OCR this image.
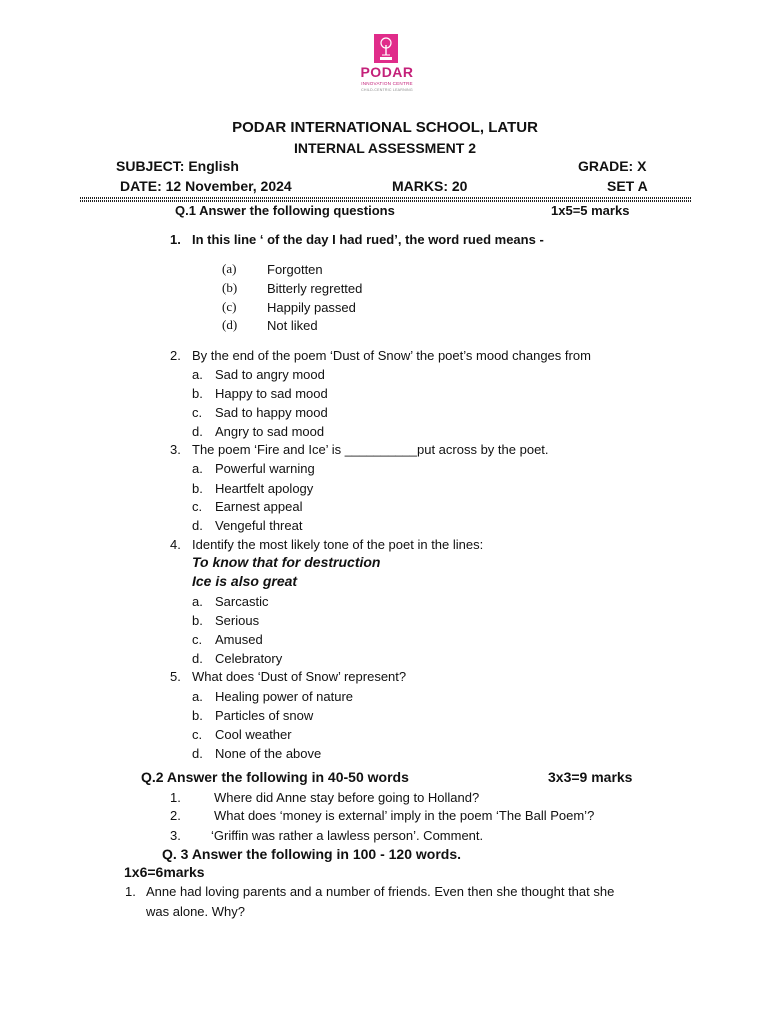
PODAR
INNOVATION CENTRE
CHILD-CENTRIC LEARNING
PODAR INTERNATIONAL SCHOOL, LATUR
INTERNAL ASSESSMENT 2
SUBJECT: English	GRADE: X
DATE: 12 November, 2024	MARKS: 20	SET A
Q.1 Answer the following questions	1x5=5 marks
1. In this line ‘ of the day I had rued’, the word rued means -
(a) Forgotten
(b) Bitterly regretted
(c) Happily passed
(d) Not liked
2. By the end of the poem ‘Dust of Snow’ the poet’s mood changes from
a. Sad to angry mood
b. Happy to sad mood
c. Sad to happy mood
d. Angry to sad mood
3. The poem ‘Fire and Ice’ is __________put across by the poet.
a. Powerful warning
b. Heartfelt apology
c. Earnest appeal
d. Vengeful threat
4. Identify the most likely tone of the poet in the lines:
To know that for destruction
Ice is also great
a. Sarcastic
b. Serious
c. Amused
d. Celebratory
5. What does ‘Dust of Snow’ represent?
a. Healing power of nature
b. Particles of snow
c. Cool weather
d. None of the above
Q.2 Answer the following in 40-50 words	3x3=9 marks
1.	Where did Anne stay before going to Holland?
2.	What does ‘money is external’ imply in the poem ‘The Ball Poem’?
3. ‘Griffin was rather a lawless person’. Comment.
Q. 3 Answer the following in 100 - 120 words.
1x6=6marks
1. Anne had loving parents and a number of friends. Even then she thought that she
was alone. Why?
